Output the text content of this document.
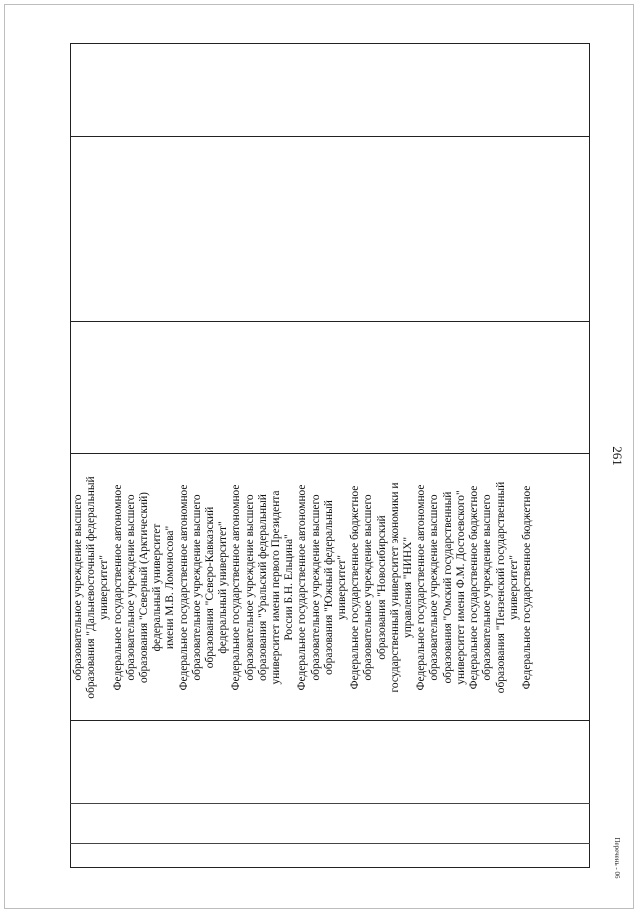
261
Перечень - 06
образовательное учреждение высшего образования "Дальневосточный федеральный университет" Федеральное государственное автономное образовательное учреждение высшего образования "Северный (Арктический) федеральный университет имени М.В. Ломоносова" Федеральное государственное автономное образовательное учреждение высшего образования "Северо-Кавказский федеральный университет" Федеральное государственное автономное образовательное учреждение высшего образования "Уральский федеральный университет имени первого Президента России Б.Н. Ельцина" Федеральное государственное автономное образовательное учреждение высшего образования "Южный федеральный университет" Федеральное государственное бюджетное образовательное учреждение высшего образования "Новосибирский государственный университет экономики и управления "НИНХ" Федеральное государственное автономное образовательное учреждение высшего образования "Омский государственный университет имени Ф.М. Достоевского" Федеральное государственное бюджетное образовательное учреждение высшего образования "Пензенский государственный университет" Федеральное государственное бюджетное
